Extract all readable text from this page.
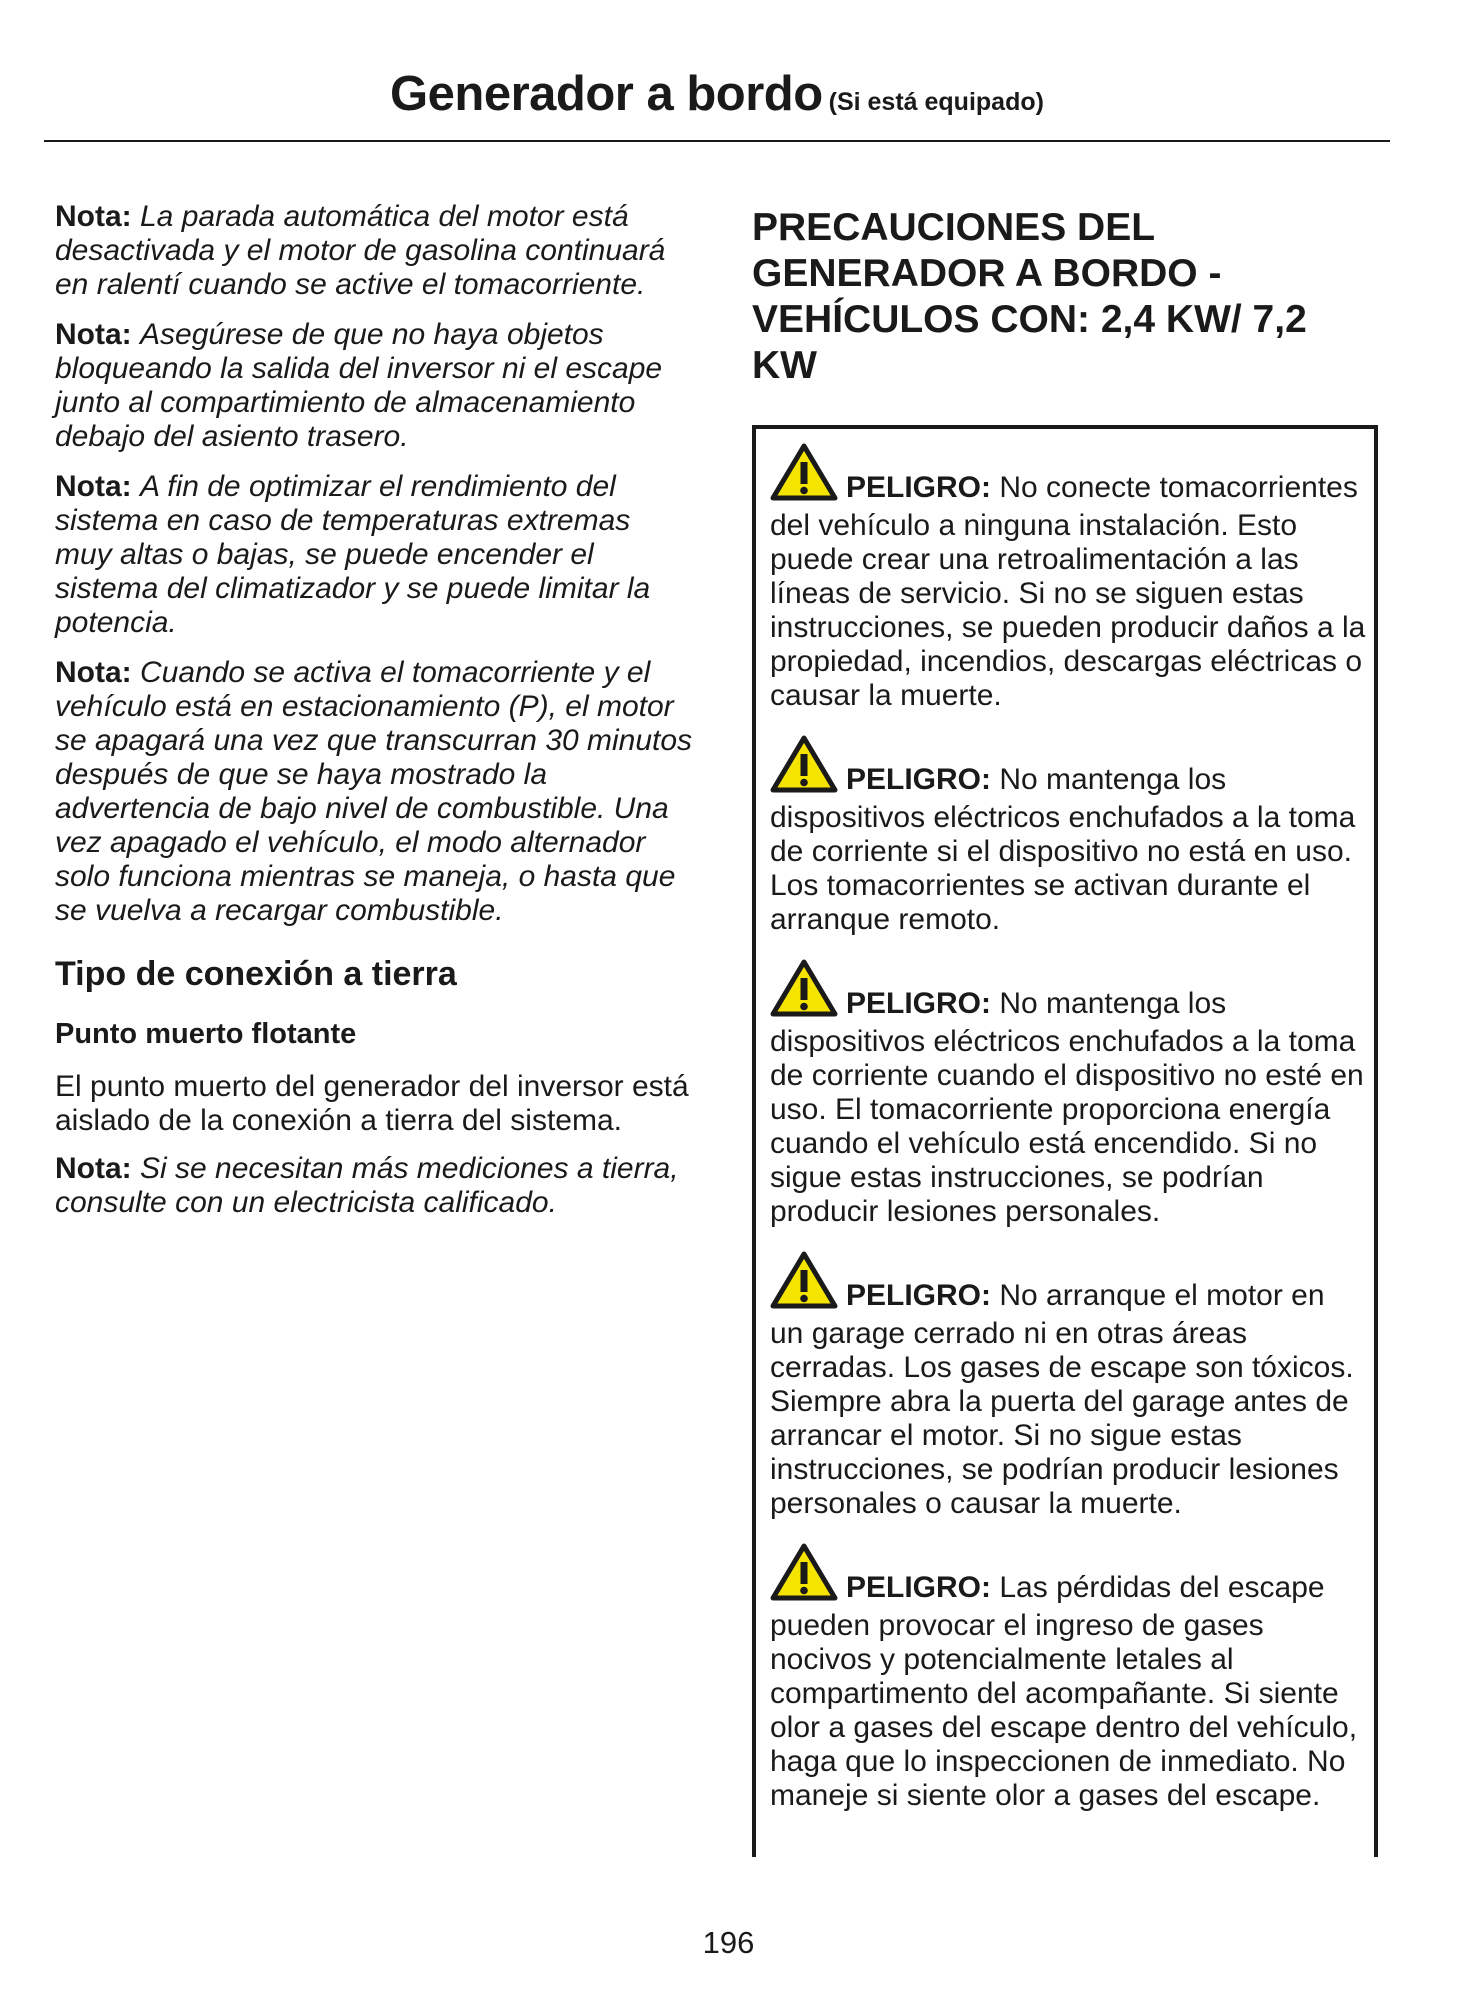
Generador a bordo (Si está equipado)

Nota: La parada automática del motor está desactivada y el motor de gasolina continuará en ralentí cuando se active el tomacorriente.

Nota: Asegúrese de que no haya objetos bloqueando la salida del inversor ni el escape junto al compartimiento de almacenamiento debajo del asiento trasero.

Nota: A fin de optimizar el rendimiento del sistema en caso de temperaturas extremas muy altas o bajas, se puede encender el sistema del climatizador y se puede limitar la potencia.

Nota: Cuando se activa el tomacorriente y el vehículo está en estacionamiento (P), el motor se apagará una vez que transcurran 30 minutos después de que se haya mostrado la advertencia de bajo nivel de combustible. Una vez apagado el vehículo, el modo alternador solo funciona mientras se maneja, o hasta que se vuelva a recargar combustible.

Tipo de conexión a tierra
Punto muerto flotante

El punto muerto del generador del inversor está aislado de la conexión a tierra del sistema.

Nota: Si se necesitan más mediciones a tierra, consulte con un electricista calificado.

PRECAUCIONES DEL GENERADOR A BORDO - VEHÍCULOS CON: 2,4 KW/ 7,2 KW

PELIGRO: No conecte tomacorrientes del vehículo a ninguna instalación. Esto puede crear una retroalimentación a las líneas de servicio. Si no se siguen estas instrucciones, se pueden producir daños a la propiedad, incendios, descargas eléctricas o causar la muerte.

PELIGRO: No mantenga los dispositivos eléctricos enchufados a la toma de corriente si el dispositivo no está en uso. Los tomacorrientes se activan durante el arranque remoto.

PELIGRO: No mantenga los dispositivos eléctricos enchufados a la toma de corriente cuando el dispositivo no esté en uso. El tomacorriente proporciona energía cuando el vehículo está encendido. Si no sigue estas instrucciones, se podrían producir lesiones personales.

PELIGRO: No arranque el motor en un garage cerrado ni en otras áreas cerradas. Los gases de escape son tóxicos. Siempre abra la puerta del garage antes de arrancar el motor. Si no sigue estas instrucciones, se podrían producir lesiones personales o causar la muerte.

PELIGRO: Las pérdidas del escape pueden provocar el ingreso de gases nocivos y potencialmente letales al compartimento del acompañante. Si siente olor a gases del escape dentro del vehículo, haga que lo inspeccionen de inmediato. No maneje si siente olor a gases del escape.

196
